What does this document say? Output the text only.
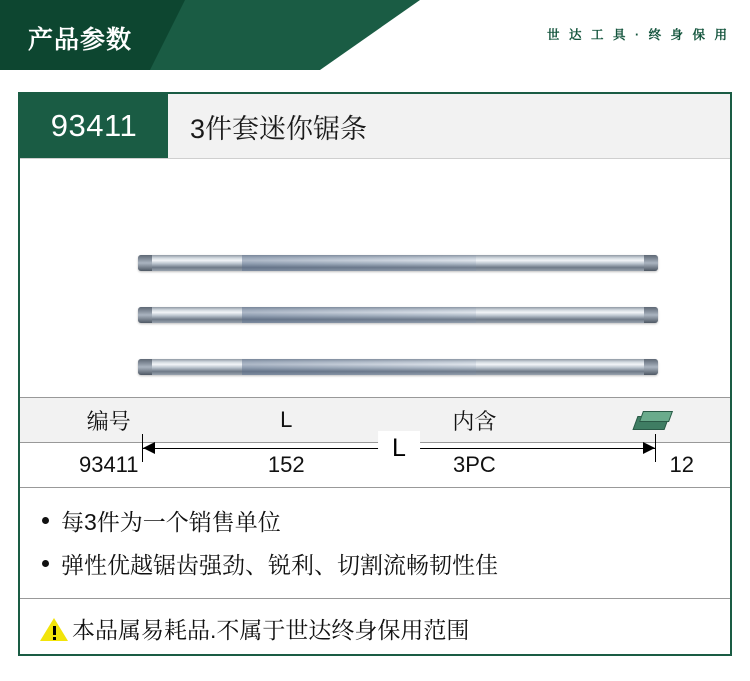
产品参数	世 达 工 具 · 终 身 保 用
93411	3件套迷你锯条
L
编号	L	内含	

93411	152	3PC	12
每3件为一个销售单位
弹性优越锯齿强劲、锐利、切割流畅韧性佳
本品属易耗品.不属于世达终身保用范围
